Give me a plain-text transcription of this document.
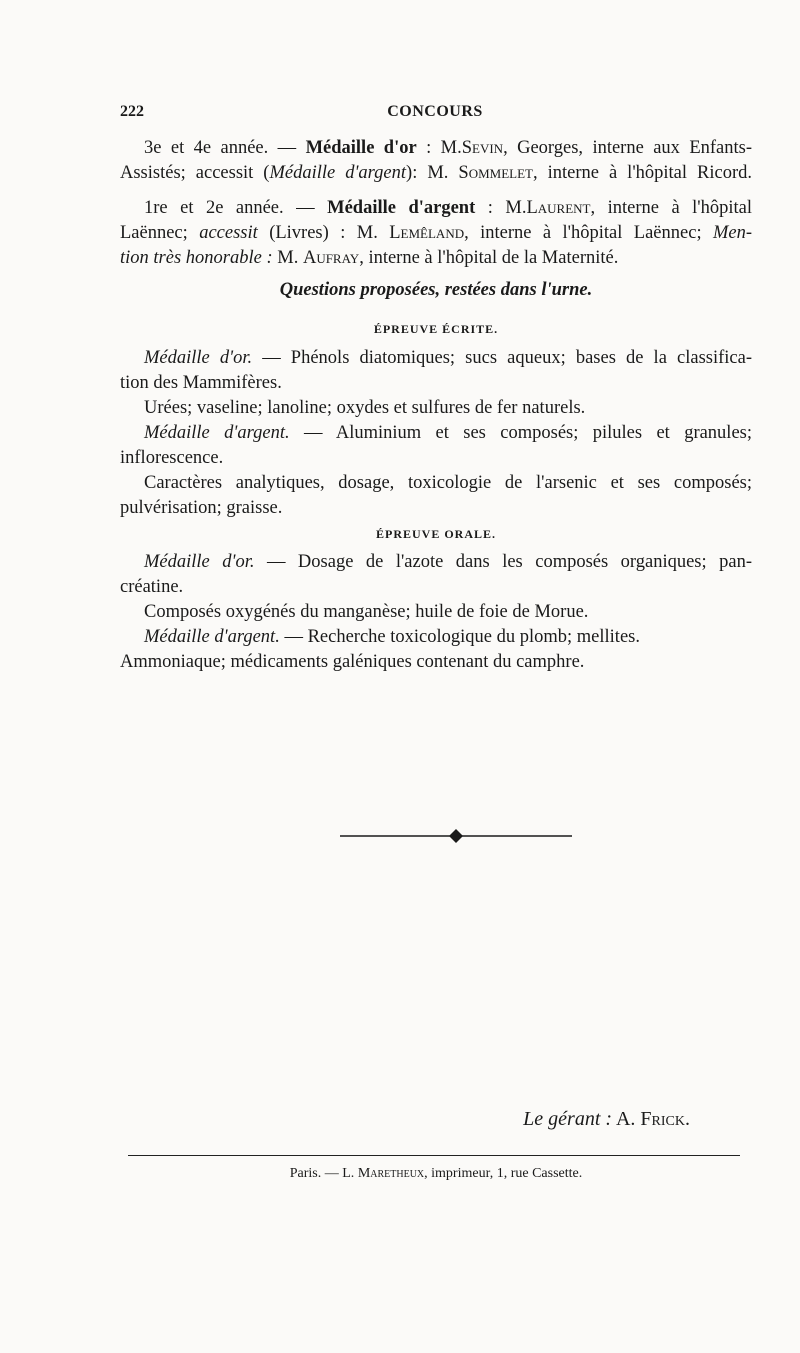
222	CONCOURS
3e et 4e année. — Médaille d'or : M.Sevin, Georges, interne aux Enfants-
Assistés; accessit (Médaille d'argent): M. Sommelet, interne à l'hôpital Ricord.
1re et 2e année. — Médaille d'argent : M.Laurent, interne à l'hôpital
Laënnec; accessit (Livres) : M. Lemêland, interne à l'hôpital Laënnec; Men-
tion très honorable : M. Aufray, interne à l'hôpital de la Maternité.
Questions proposées, restées dans l'urne.
ÉPREUVE ÉCRITE.
Médaille d'or. — Phénols diatomiques; sucs aqueux; bases de la classifica-
tion des Mammifères.
Urées; vaseline; lanoline; oxydes et sulfures de fer naturels.
Médaille d'argent. — Aluminium et ses composés; pilules et granules;
inflorescence.
Caractères analytiques, dosage, toxicologie de l'arsenic et ses composés;
pulvérisation; graisse.
ÉPREUVE ORALE.
Médaille d'or. — Dosage de l'azote dans les composés organiques; pan-
créatine.
Composés oxygénés du manganèse; huile de foie de Morue.
Médaille d'argent. — Recherche toxicologique du plomb; mellites.
Ammoniaque; médicaments galéniques contenant du camphre.
Le gérant : A. Frick.
Paris. — L. Maretheux, imprimeur, 1, rue Cassette.
